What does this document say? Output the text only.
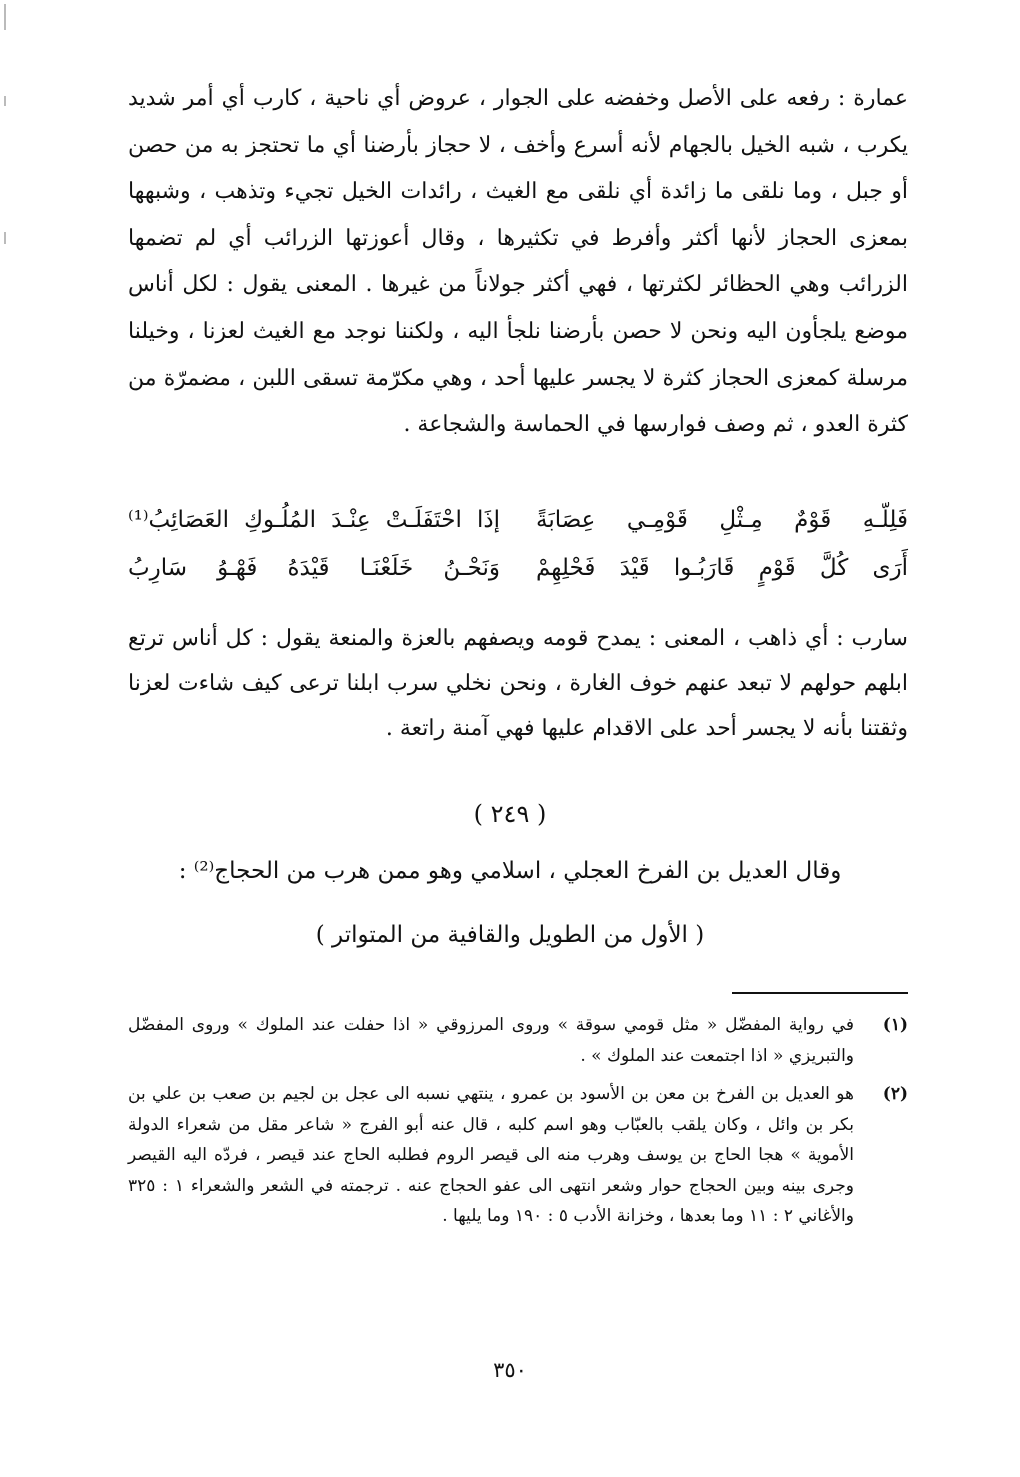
عمارة : رفعه على الأصل وخفضه على الجوار ، عروض أي ناحية ، كارب أي أمر شديد يكرب ، شبه الخيل بالجهام لأنه أسرع وأخف ، لا حجاز بأرضنا أي ما تحتجز به من حصن أو جبل ، وما نلقى ما زائدة أي نلقى مع الغيث ، رائدات الخيل تجيء وتذهب ، وشبهها بمعزى الحجاز لأنها أكثر وأفرط في تكثيرها ، وقال أعوزتها الزرائب أي لم تضمها الزرائب وهي الحظائر لكثرتها ، فهي أكثر جولاناً من غيرها . المعنى يقول : لكل أناس موضع يلجأون اليه ونحن لا حصن بأرضنا نلجأ اليه ، ولكننا نوجد مع الغيث لعزنا ، وخيلنا مرسلة كمعزى الحجاز كثرة لا يجسر عليها أحد ، وهي مكرّمة تسقى اللبن ، مضمرّة من كثرة العدو ، ثم وصف فوارسها في الحماسة والشجاعة .

فَلِلّـهِ قَوْمٌ مِـثْلِ قَوْمِـي عِصَابَةً
إذَا احْتَفَلَـتْ عِنْـدَ المُلُـوكِ العَصَائِبُ⁽¹⁾
أَرَى كُلَّ قَوْمٍ قَارَبُـوا قَيْدَ فَحْلِهِمْ
وَنَحْـنُ خَلَعْنَـا قَيْدَهُ فَهْـوُ سَارِبُ

سارب : أي ذاهب ، المعنى : يمدح قومه ويصفهم بالعزة والمنعة يقول : كل أناس ترتع ابلهم حولهم لا تبعد عنهم خوف الغارة ، ونحن نخلي سرب ابلنا ترعى كيف شاءت لعزنا وثقتنا بأنه لا يجسر أحد على الاقدام عليها فهي آمنة راتعة .

( ٢٤٩ )
وقال العديل بن الفرخ العجلي ، اسلامي وهو ممن هرب من الحجاج⁽²⁾ :
( الأول من الطويل والقافية من المتواتر )
(١)
في رواية المفضّل « مثل قومي سوقة » وروى المرزوقي « اذا حفلت عند الملوك » وروى المفضّل والتبريزي « اذا اجتمعت عند الملوك » .
(٢)
هو العديل بن الفرخ بن معن بن الأسود بن عمرو ، ينتهي نسبه الى عجل بن لجيم بن صعب بن علي بن بكر بن وائل ، وكان يلقب بالعبّاب وهو اسم كلبه ، قال عنه أبو الفرج « شاعر مقل من شعراء الدولة الأموية » هجا الحاج بن يوسف وهرب منه الى قيصر الروم فطلبه الحاج عند قيصر ، فردّه اليه القيصر وجرى بينه وبين الحجاج حوار وشعر انتهى الى عفو الحجاج عنه . ترجمته في الشعر والشعراء ١ : ٣٢٥ والأغاني ٢ : ١١ وما بعدها ، وخزانة الأدب ٥ : ١٩٠ وما يليها .
٣٥٠
